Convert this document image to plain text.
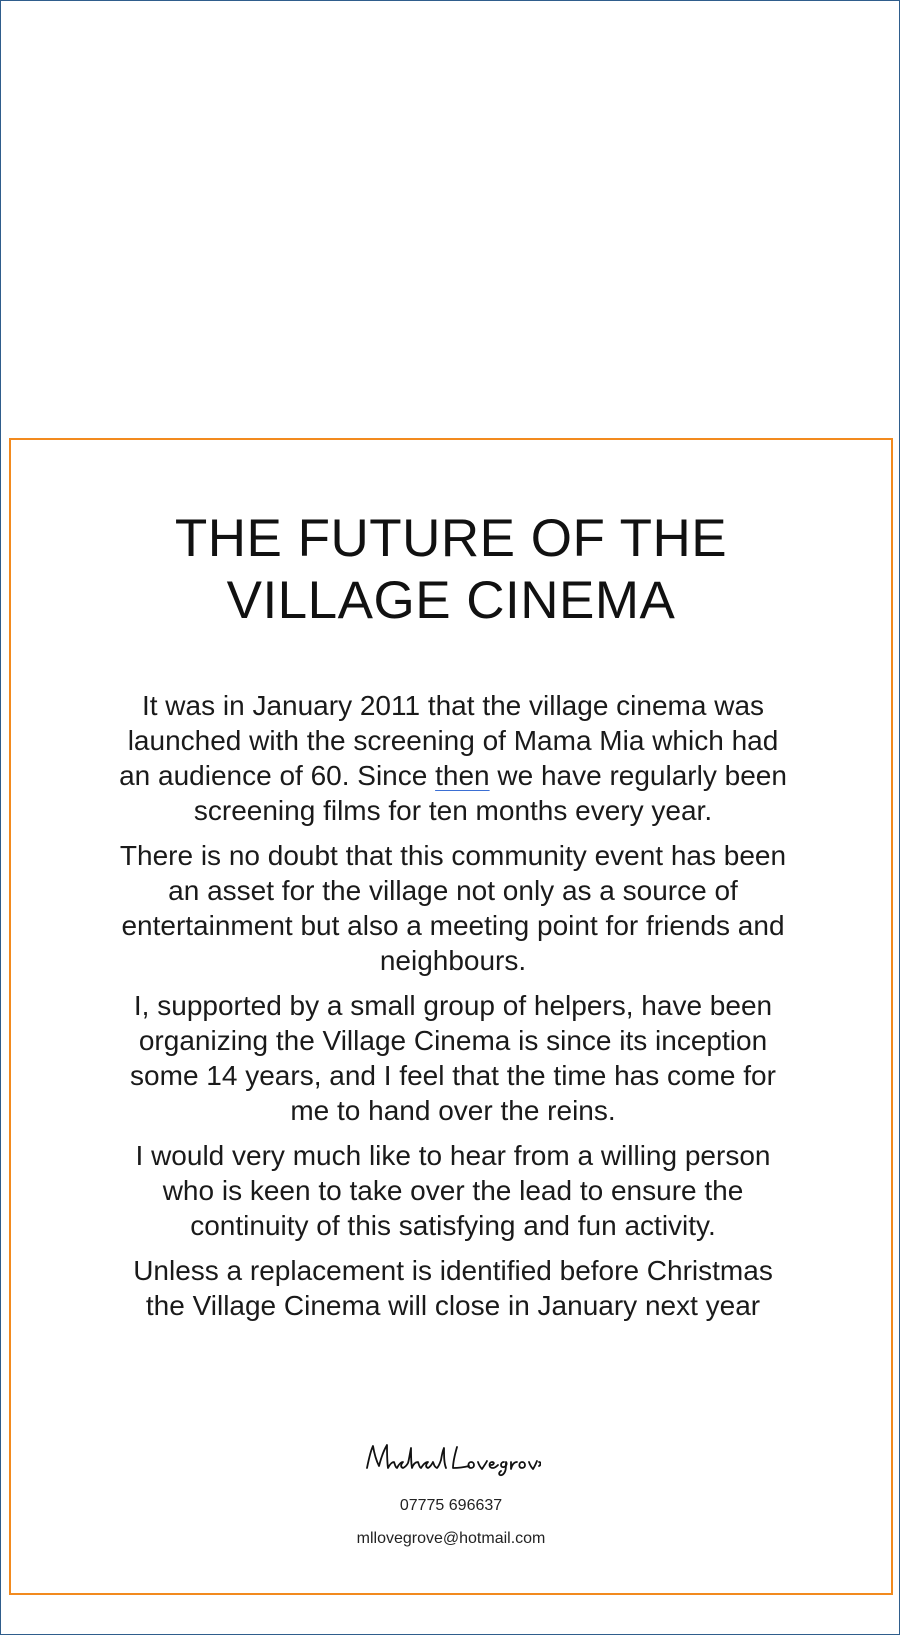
THE FUTURE OF THE
VILLAGE CINEMA

It was in January 2011 that the village cinema was launched with the screening of Mama Mia which had an audience of 60. Since then we have regularly been screening films for ten months every year.

There is no doubt that this community event has been an asset for the village not only as a source of entertainment but also a meeting point for friends and neighbours.

I, supported by a small group of helpers, have been organizing the Village Cinema is since its inception some 14 years, and I feel that the time has come for me to hand over the reins.

I would very much like to hear from a willing person who is keen to take over the lead to ensure the continuity of this satisfying and fun activity.

Unless a replacement is identified before Christmas the Village Cinema will close in January next year

07775 696637
mllovegrove@hotmail.com
